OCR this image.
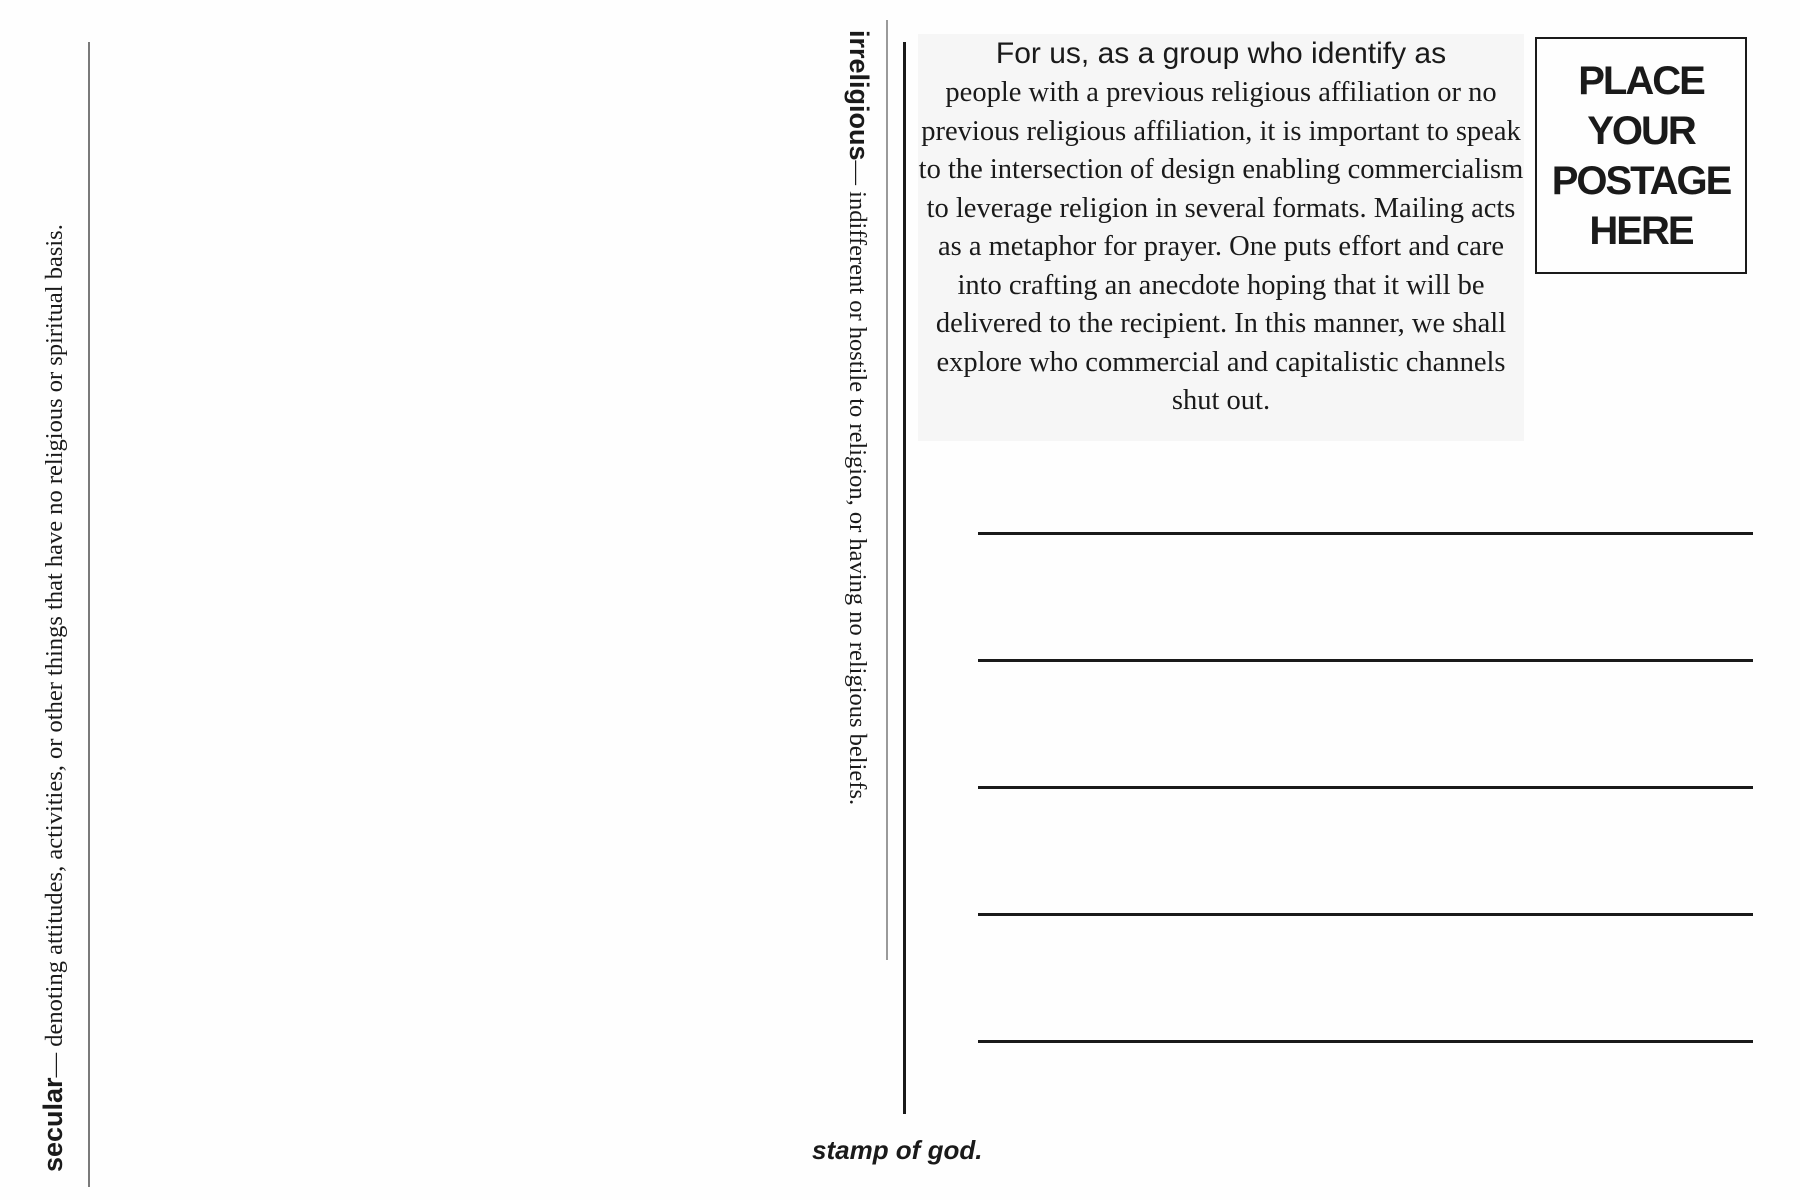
secular— denoting attitudes, activities, or other things that have no religious or spiritual basis.
irreligious— indifferent or hostile to religion, or having no religious beliefs.
For us, as a group who identify as
people with a previous religious affiliation or no previous religious affiliation, it is important to speak to the intersection of design enabling commercialism to leverage religion in several formats. Mailing acts as a metaphor for prayer. One puts effort and care into crafting an anecdote hoping that it will be delivered to the recipient. In this manner, we shall explore who commercial and capitalistic channels shut out.
PLACE
YOUR
POSTAGE
HERE
stamp of god.
